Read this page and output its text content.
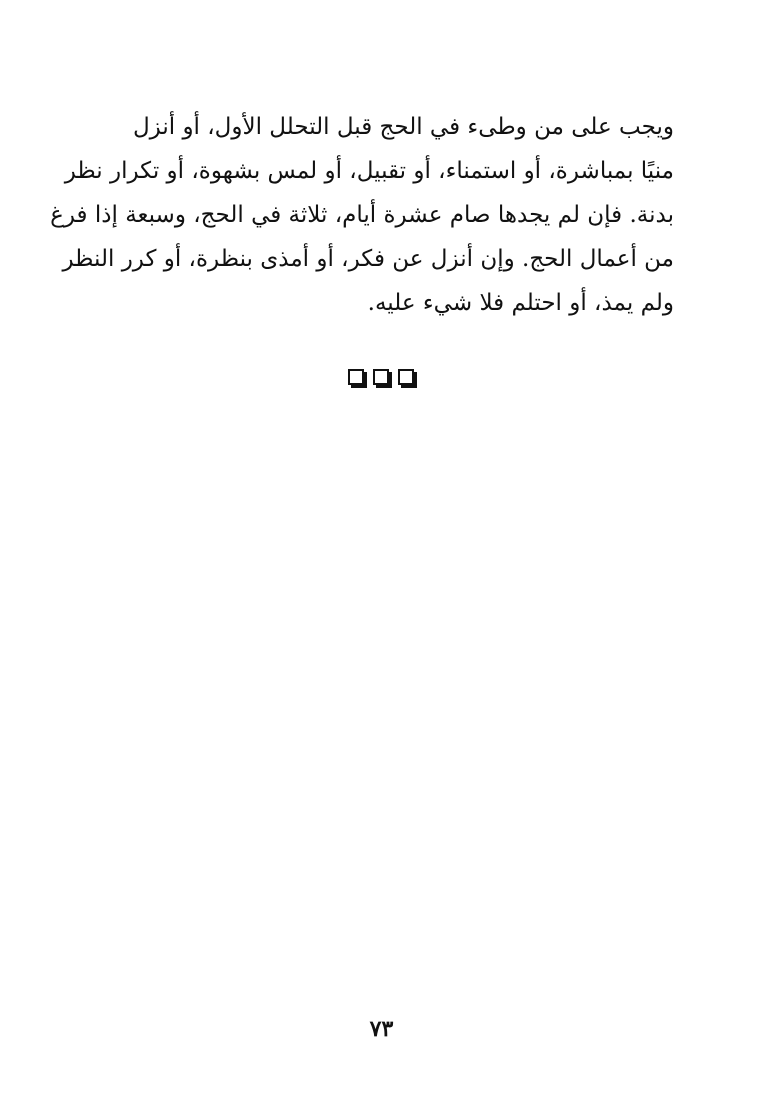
ويجب على من وطىء في الحج قبل التحلل الأول، أو أنزل
منيًا بمباشرة، أو استمناء، أو تقبيل، أو لمس بشهوة، أو تكرار نظر
بدنة. فإن لم يجدها صام عشرة أيام، ثلاثة في الحج، وسبعة إذا فرغ
من أعمال الحج. وإن أنزل عن فكر، أو أمذى بنظرة، أو كرر النظر
ولم يمذ، أو احتلم فلا شيء عليه.
٧٣
